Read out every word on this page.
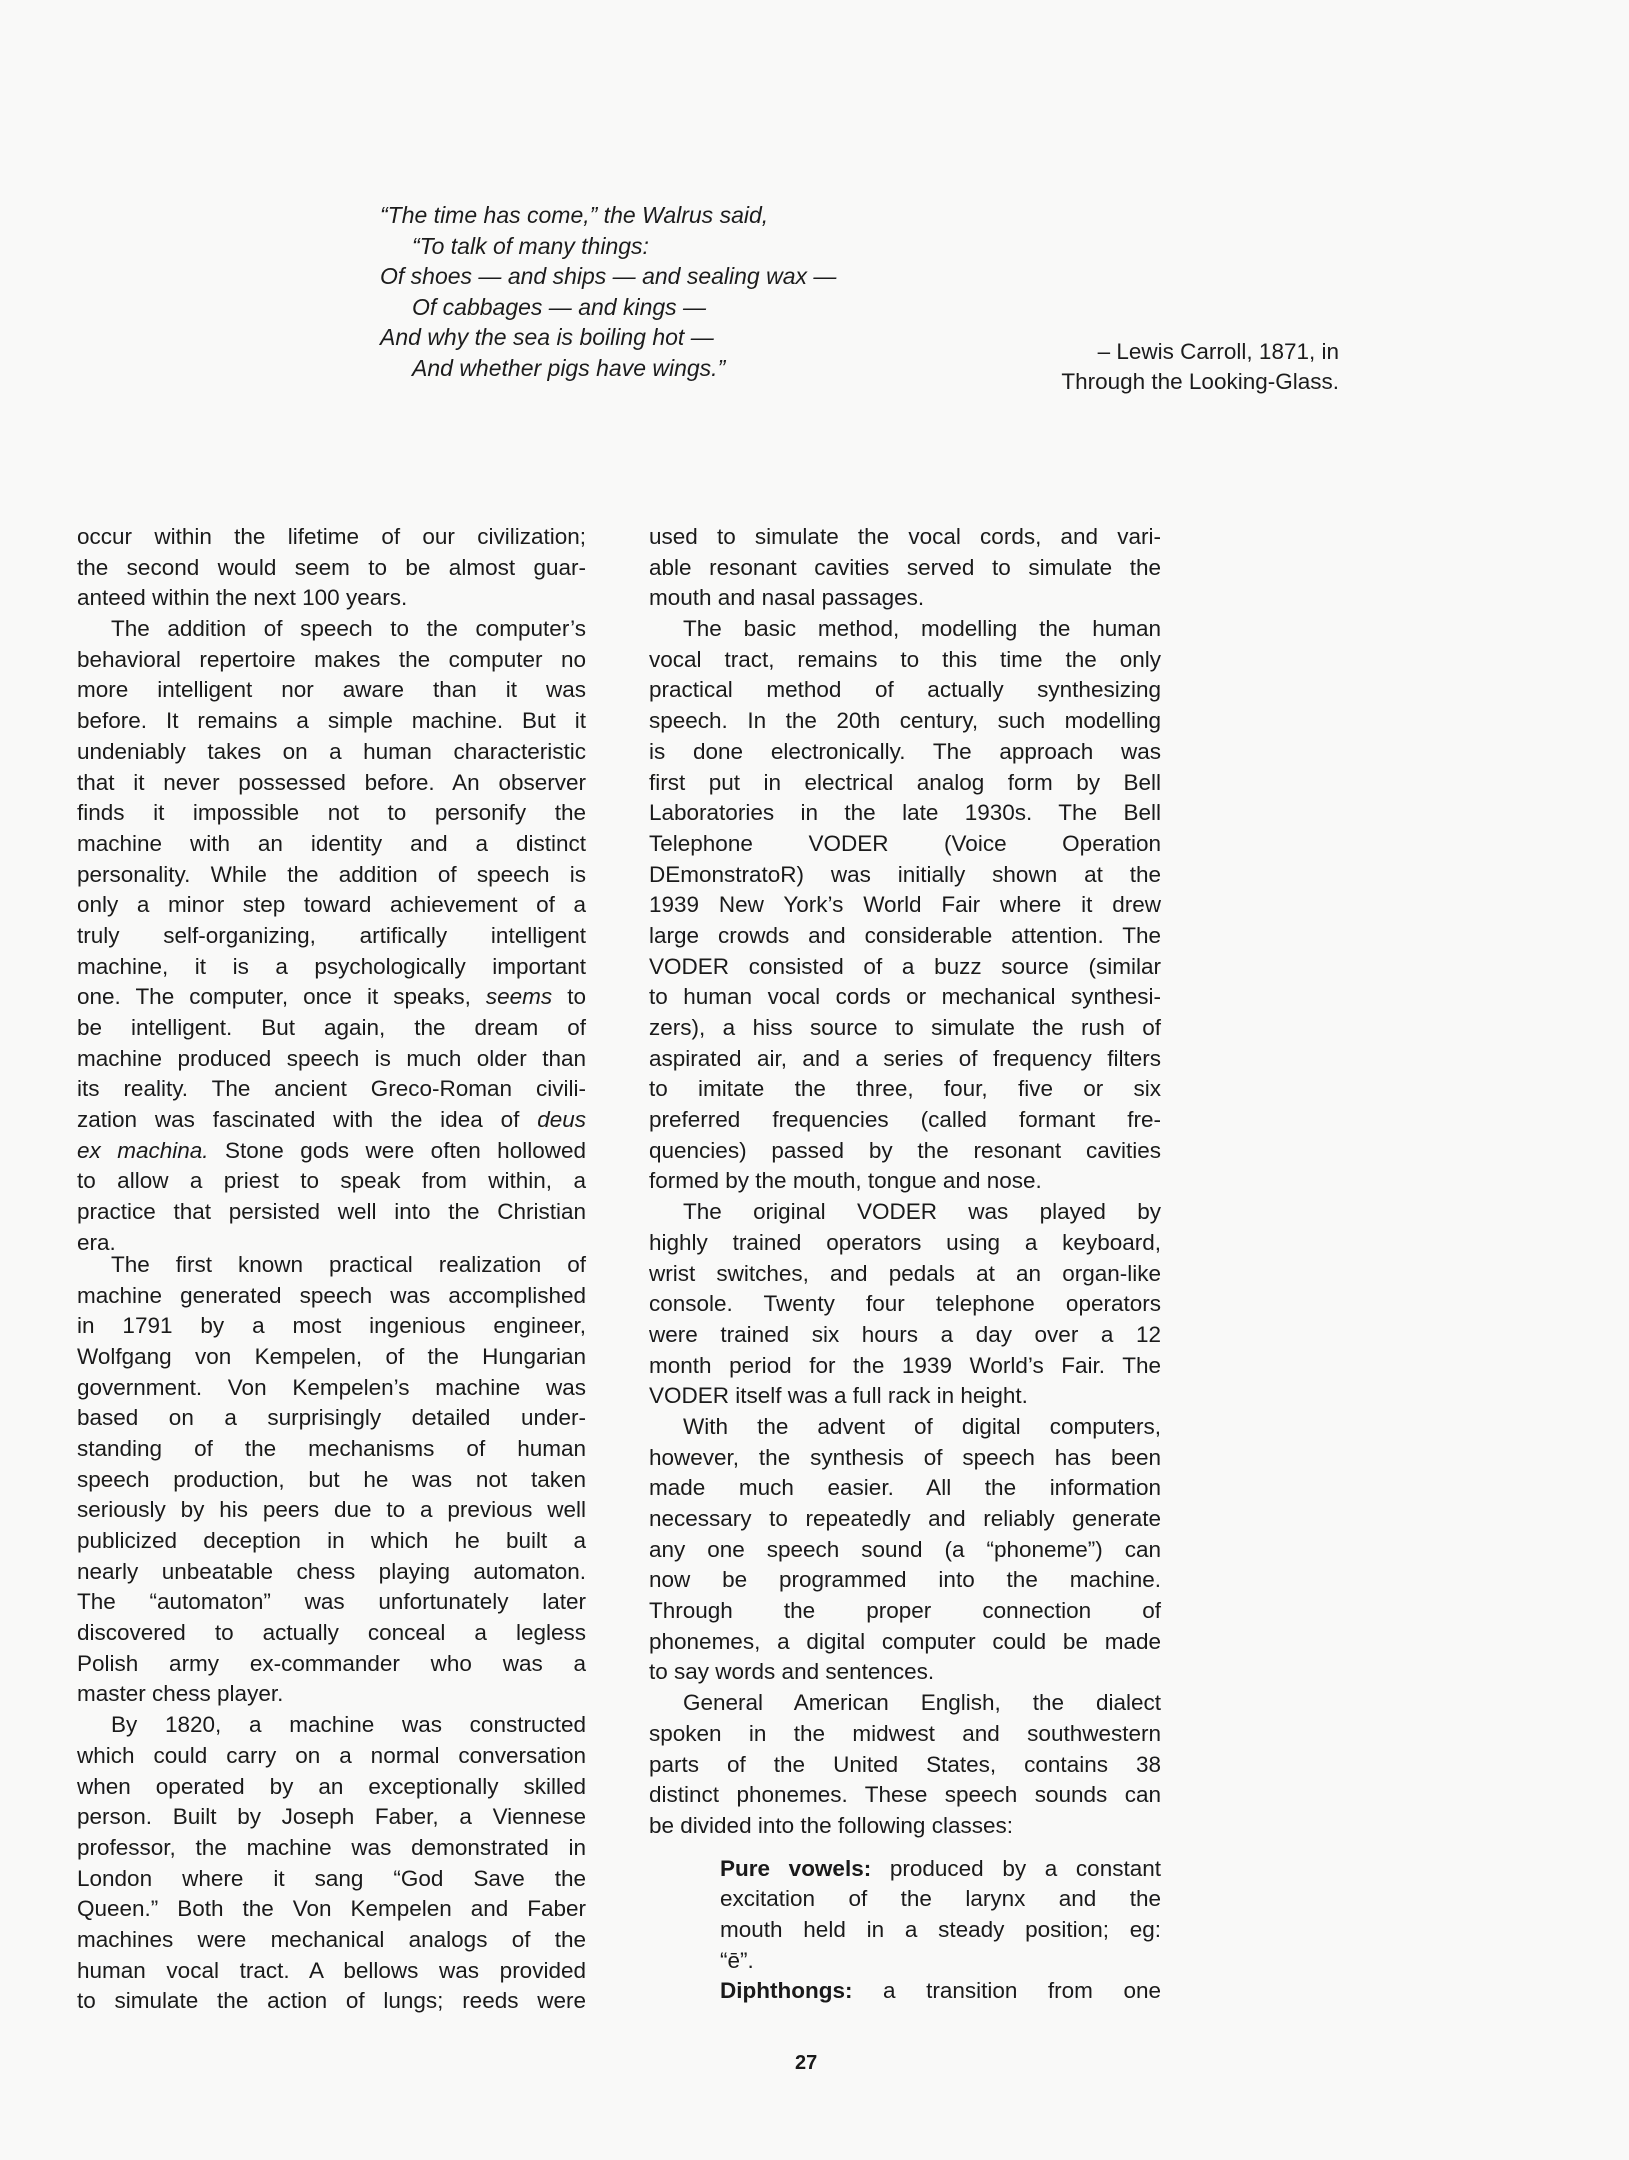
“The time has come,” the Walrus said,
“To talk of many things:
Of shoes — and ships — and sealing wax —
Of cabbages — and kings —
And why the sea is boiling hot —
And whether pigs have wings.”
– Lewis Carroll, 1871, in
Through the Looking-Glass.
occur within the lifetime of our civilization;
the second would seem to be almost guar-
anteed within the next 100 years.
The addition of speech to the computer’s
behavioral repertoire makes the computer no
more intelligent nor aware than it was
before. It remains a simple machine. But it
undeniably takes on a human characteristic
that it never possessed before. An observer
finds it impossible not to personify the
machine with an identity and a distinct
personality. While the addition of speech is
only a minor step toward achievement of a
truly self-organizing, artifically intelligent
machine, it is a psychologically important
one. The computer, once it speaks, seems to
be intelligent. But again, the dream of
machine produced speech is much older than
its reality. The ancient Greco-Roman civili-
zation was fascinated with the idea of deus
ex machina. Stone gods were often hollowed
to allow a priest to speak from within, a
practice that persisted well into the Christian
era.
The first known practical realization of
machine generated speech was accomplished
in 1791 by a most ingenious engineer,
Wolfgang von Kempelen, of the Hungarian
government. Von Kempelen’s machine was
based on a surprisingly detailed under-
standing of the mechanisms of human
speech production, but he was not taken
seriously by his peers due to a previous well
publicized deception in which he built a
nearly unbeatable chess playing automaton.
The “automaton” was unfortunately later
discovered to actually conceal a legless
Polish army ex-commander who was a
master chess player.
By 1820, a machine was constructed
which could carry on a normal conversation
when operated by an exceptionally skilled
person. Built by Joseph Faber, a Viennese
professor, the machine was demonstrated in
London where it sang “God Save the
Queen.” Both the Von Kempelen and Faber
machines were mechanical analogs of the
human vocal tract. A bellows was provided
to simulate the action of lungs; reeds were
used to simulate the vocal cords, and vari-
able resonant cavities served to simulate the
mouth and nasal passages.
The basic method, modelling the human
vocal tract, remains to this time the only
practical method of actually synthesizing
speech. In the 20th century, such modelling
is done electronically. The approach was
first put in electrical analog form by Bell
Laboratories in the late 1930s. The Bell
Telephone VODER (Voice Operation
DEmonstratoR) was initially shown at the
1939 New York’s World Fair where it drew
large crowds and considerable attention. The
VODER consisted of a buzz source (similar
to human vocal cords or mechanical synthesi-
zers), a hiss source to simulate the rush of
aspirated air, and a series of frequency filters
to imitate the three, four, five or six
preferred frequencies (called formant fre-
quencies) passed by the resonant cavities
formed by the mouth, tongue and nose.
The original VODER was played by
highly trained operators using a keyboard,
wrist switches, and pedals at an organ-like
console. Twenty four telephone operators
were trained six hours a day over a 12
month period for the 1939 World’s Fair. The
VODER itself was a full rack in height.
With the advent of digital computers,
however, the synthesis of speech has been
made much easier. All the information
necessary to repeatedly and reliably generate
any one speech sound (a “phoneme”) can
now be programmed into the machine.
Through the proper connection of
phonemes, a digital computer could be made
to say words and sentences.
General American English, the dialect
spoken in the midwest and southwestern
parts of the United States, contains 38
distinct phonemes. These speech sounds can
be divided into the following classes:
Pure vowels: produced by a constant
excitation of the larynx and the
mouth held in a steady position; eg:
“ē”.
Diphthongs: a transition from one
27
